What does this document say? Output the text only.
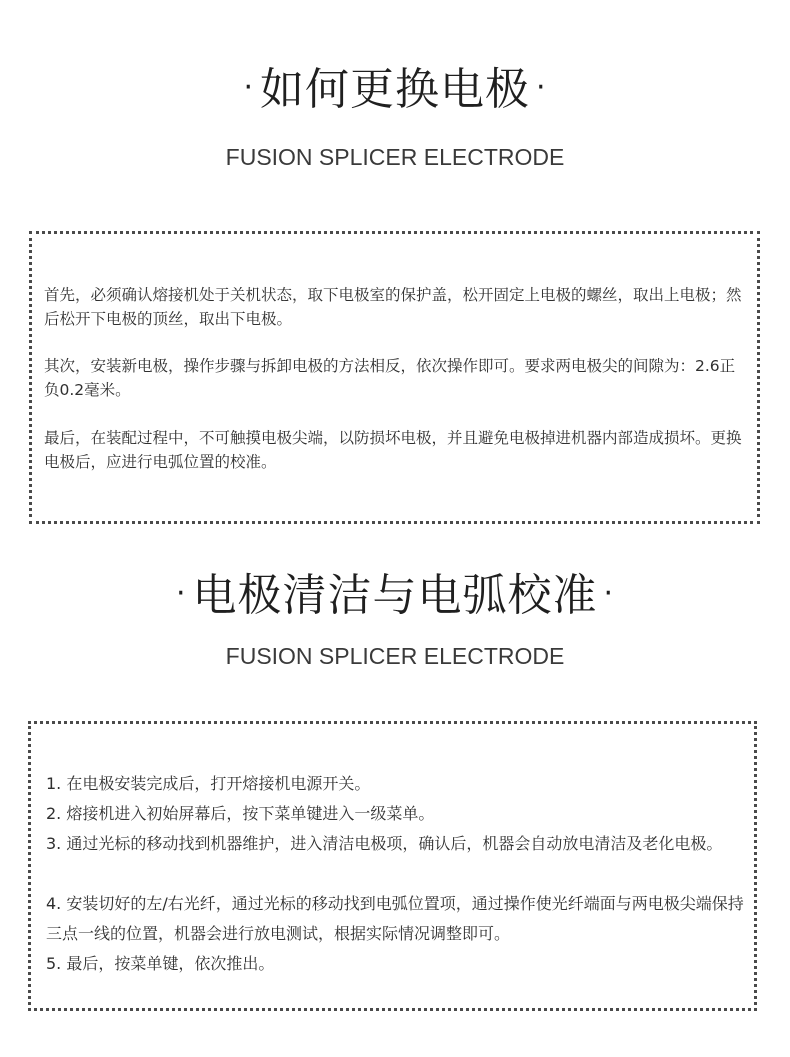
· 如何更换电极 ·

FUSION SPLICER ELECTRODE

首先，必须确认熔接机处于关机状态，取下电极室的保护盖，松开固定上电极的螺丝，取出上电极；然后松开下电极的顶丝，取出下电极。

其次，安装新电极，操作步骤与拆卸电极的方法相反，依次操作即可。要求两电极尖的间隙为：2.6正负0.2毫米。

最后，在装配过程中，不可触摸电极尖端，以防损坏电极，并且避免电极掉进机器内部造成损坏。更换电极后，应进行电弧位置的校准。

· 电极清洁与电弧校准 ·

FUSION SPLICER ELECTRODE

1. 在电极安装完成后，打开熔接机电源开关。

2. 熔接机进入初始屏幕后，按下菜单键进入一级菜单。

3. 通过光标的移动找到机器维护，进入清洁电极项，确认后，机器会自动放电清洁及老化电极。

4. 安装切好的左/右光纤，通过光标的移动找到电弧位置项，通过操作使光纤端面与两电极尖端保持三点一线的位置，机器会进行放电测试，根据实际情况调整即可。

5. 最后，按菜单键，依次推出。
